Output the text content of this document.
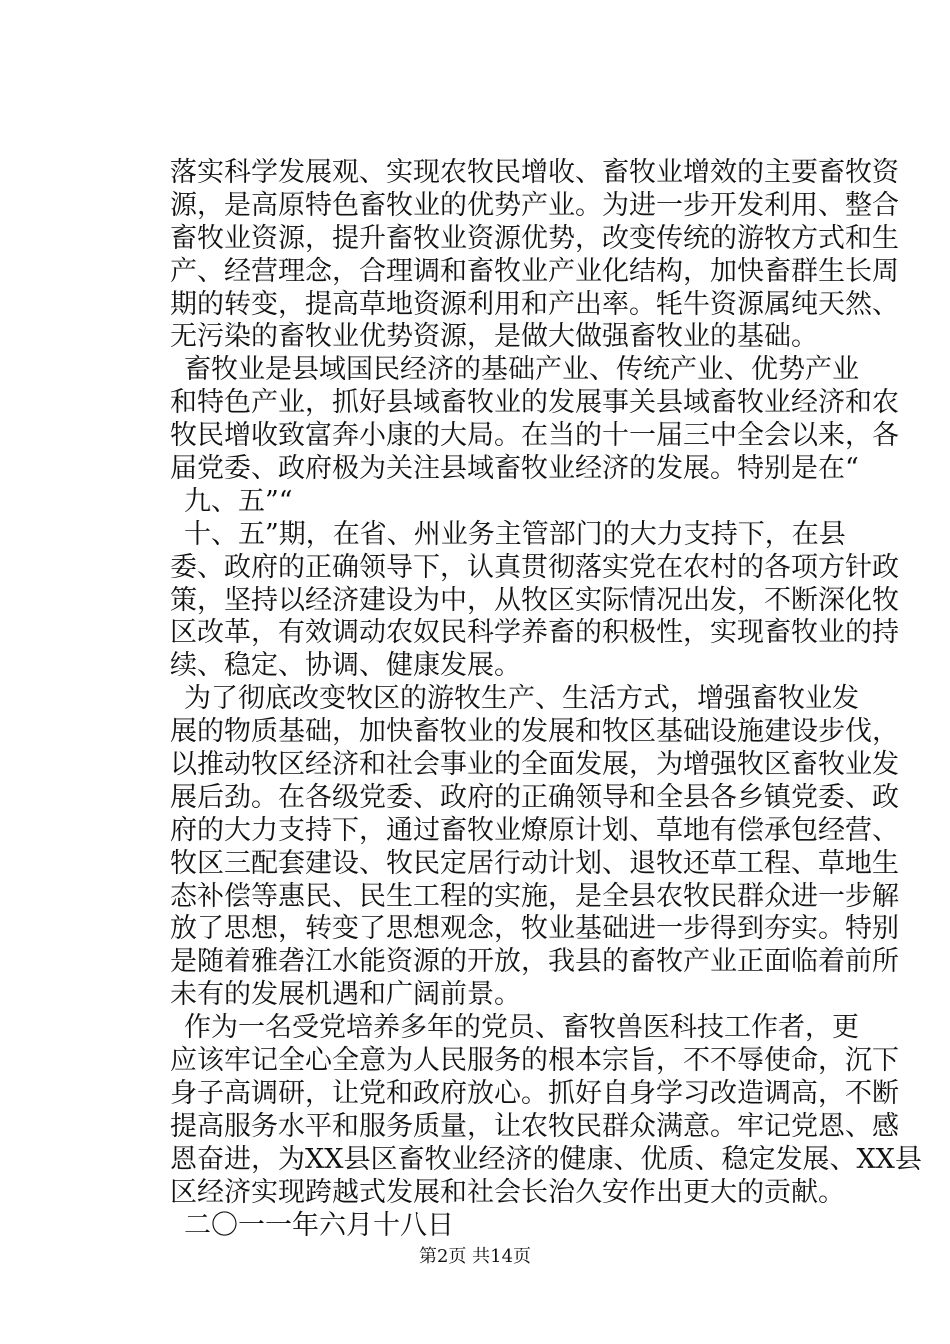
落实科学发展观、实现农牧民增收、畜牧业增效的主要畜牧资
源，是高原特色畜牧业的优势产业。为进一步开发利用、整合
畜牧业资源，提升畜牧业资源优势，改变传统的游牧方式和生
产、经营理念，合理调和畜牧业产业化结构，加快畜群生长周
期的转变，提高草地资源利用和产出率。牦牛资源属纯天然、
无污染的畜牧业优势资源，是做大做强畜牧业的基础。
畜牧业是县域国民经济的基础产业、传统产业、优势产业
和特色产业，抓好县域畜牧业的发展事关县域畜牧业经济和农
牧民增收致富奔小康的大局。在当的十一届三中全会以来，各
届党委、政府极为关注县域畜牧业经济的发展。特别是在“
九、五”“
十、五”期，在省、州业务主管部门的大力支持下，在县
委、政府的正确领导下，认真贯彻落实党在农村的各项方针政
策，坚持以经济建设为中，从牧区实际情况出发，不断深化牧
区改革，有效调动农奴民科学养畜的积极性，实现畜牧业的持
续、稳定、协调、健康发展。
为了彻底改变牧区的游牧生产、生活方式，增强畜牧业发
展的物质基础，加快畜牧业的发展和牧区基础设施建设步伐，
以推动牧区经济和社会事业的全面发展，为增强牧区畜牧业发
展后劲。在各级党委、政府的正确领导和全县各乡镇党委、政
府的大力支持下，通过畜牧业燎原计划、草地有偿承包经营、
牧区三配套建设、牧民定居行动计划、退牧还草工程、草地生
态补偿等惠民、民生工程的实施，是全县农牧民群众进一步解
放了思想，转变了思想观念，牧业基础进一步得到夯实。特别
是随着雅砻江水能资源的开放，我县的畜牧产业正面临着前所
未有的发展机遇和广阔前景。
作为一名受党培养多年的党员、畜牧兽医科技工作者，更
应该牢记全心全意为人民服务的根本宗旨，不不辱使命，沉下
身子高调研，让党和政府放心。抓好自身学习改造调高，不断
提高服务水平和服务质量，让农牧民群众满意。牢记党恩、感
恩奋进，为XX县区畜牧业经济的健康、优质、稳定发展、XX县
区经济实现跨越式发展和社会长治久安作出更大的贡献。
二〇一一年六月十八日
第2页 共14页
